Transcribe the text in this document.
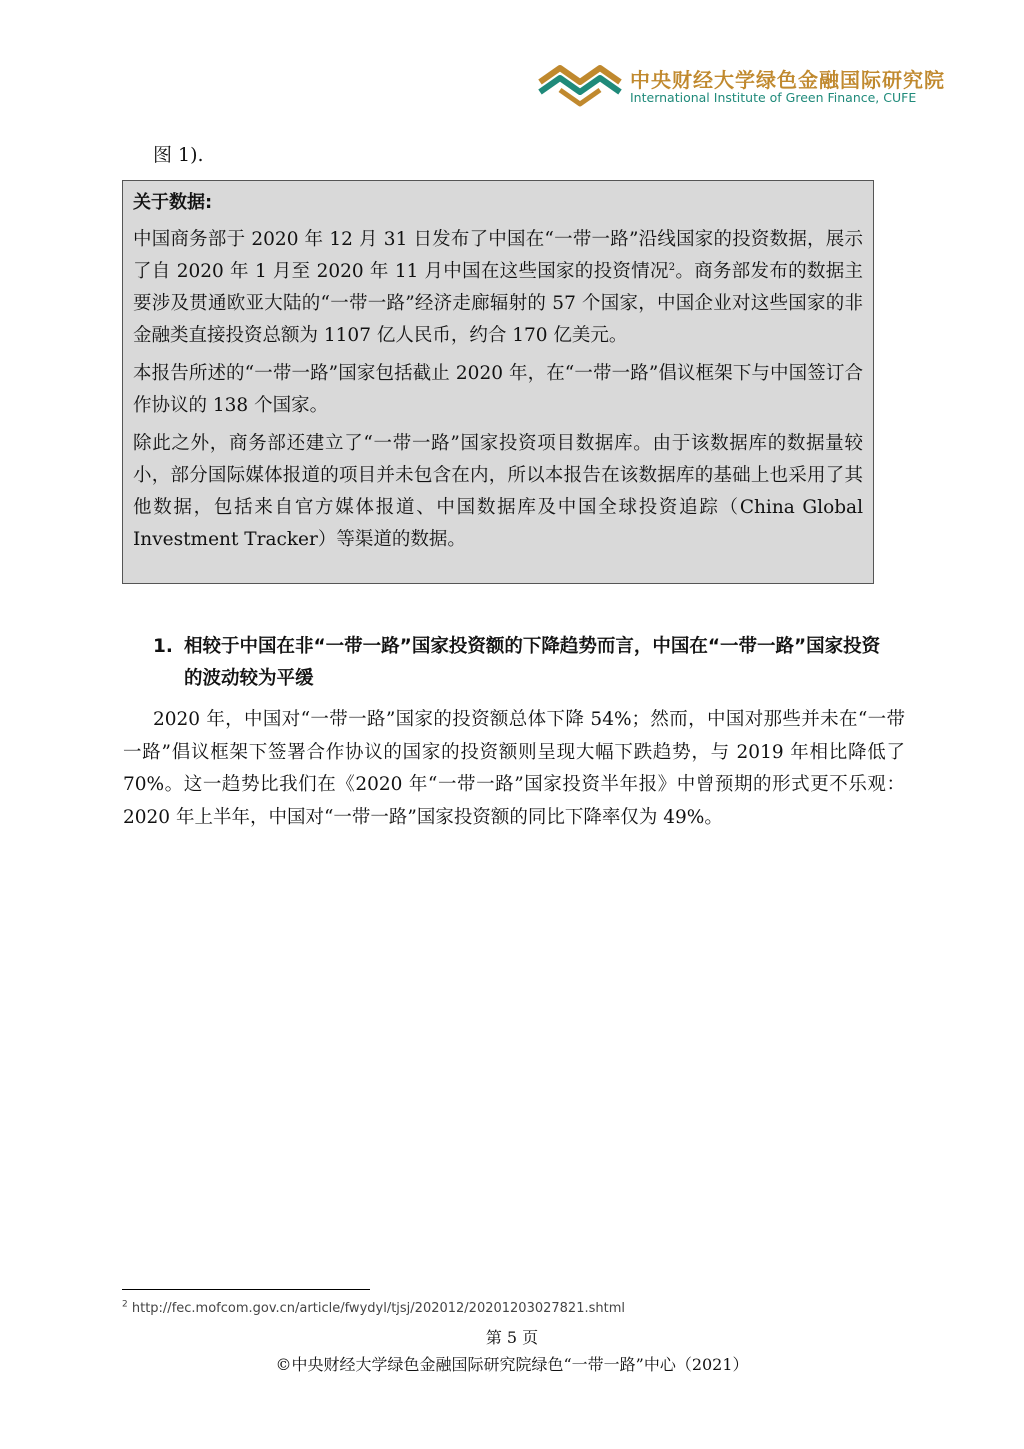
中央财经大学绿色金融国际研究院
International Institute of Green Finance, CUFE
图 1).
关于数据:

中国商务部于 2020 年 12 月 31 日发布了中国在“一带一路”沿线国家的投资数据，展示了自 2020 年 1 月至 2020 年 11 月中国在这些国家的投资情况$^2$。商务部发布的数据主要涉及贯通欧亚大陆的“一带一路”经济走廊辐射的 57 个国家，中国企业对这些国家的非金融类直接投资总额为 1107 亿人民币，约合 170 亿美元。

本报告所述的“一带一路”国家包括截止 2020 年，在“一带一路”倡议框架下与中国签订合作协议的 138 个国家。

除此之外，商务部还建立了“一带一路”国家投资项目数据库。由于该数据库的数据量较小，部分国际媒体报道的项目并未包含在内，所以本报告在该数据库的基础上也采用了其他数据，包括来自官方媒体报道、中国数据库及中国全球投资追踪（China Global Investment Tracker）等渠道的数据。

1. 相较于中国在非“一带一路”国家投资额的下降趋势而言，中国在“一带一路”国家投资的波动较为平缓

2020 年，中国对“一带一路”国家的投资额总体下降 54%；然而，中国对那些并未在“一带一路”倡议框架下签署合作协议的国家的投资额则呈现大幅下跌趋势，与 2019 年相比降低了 70%。这一趋势比我们在《2020 年“一带一路”国家投资半年报》中曾预期的形式更不乐观：2020 年上半年，中国对“一带一路”国家投资额的同比下降率仅为 49%。

$^2$ http://fec.mofcom.gov.cn/article/fwydyl/tjsj/202012/20201203027821.shtml
第 5 页
©中央财经大学绿色金融国际研究院绿色“一带一路”中心（2021）
